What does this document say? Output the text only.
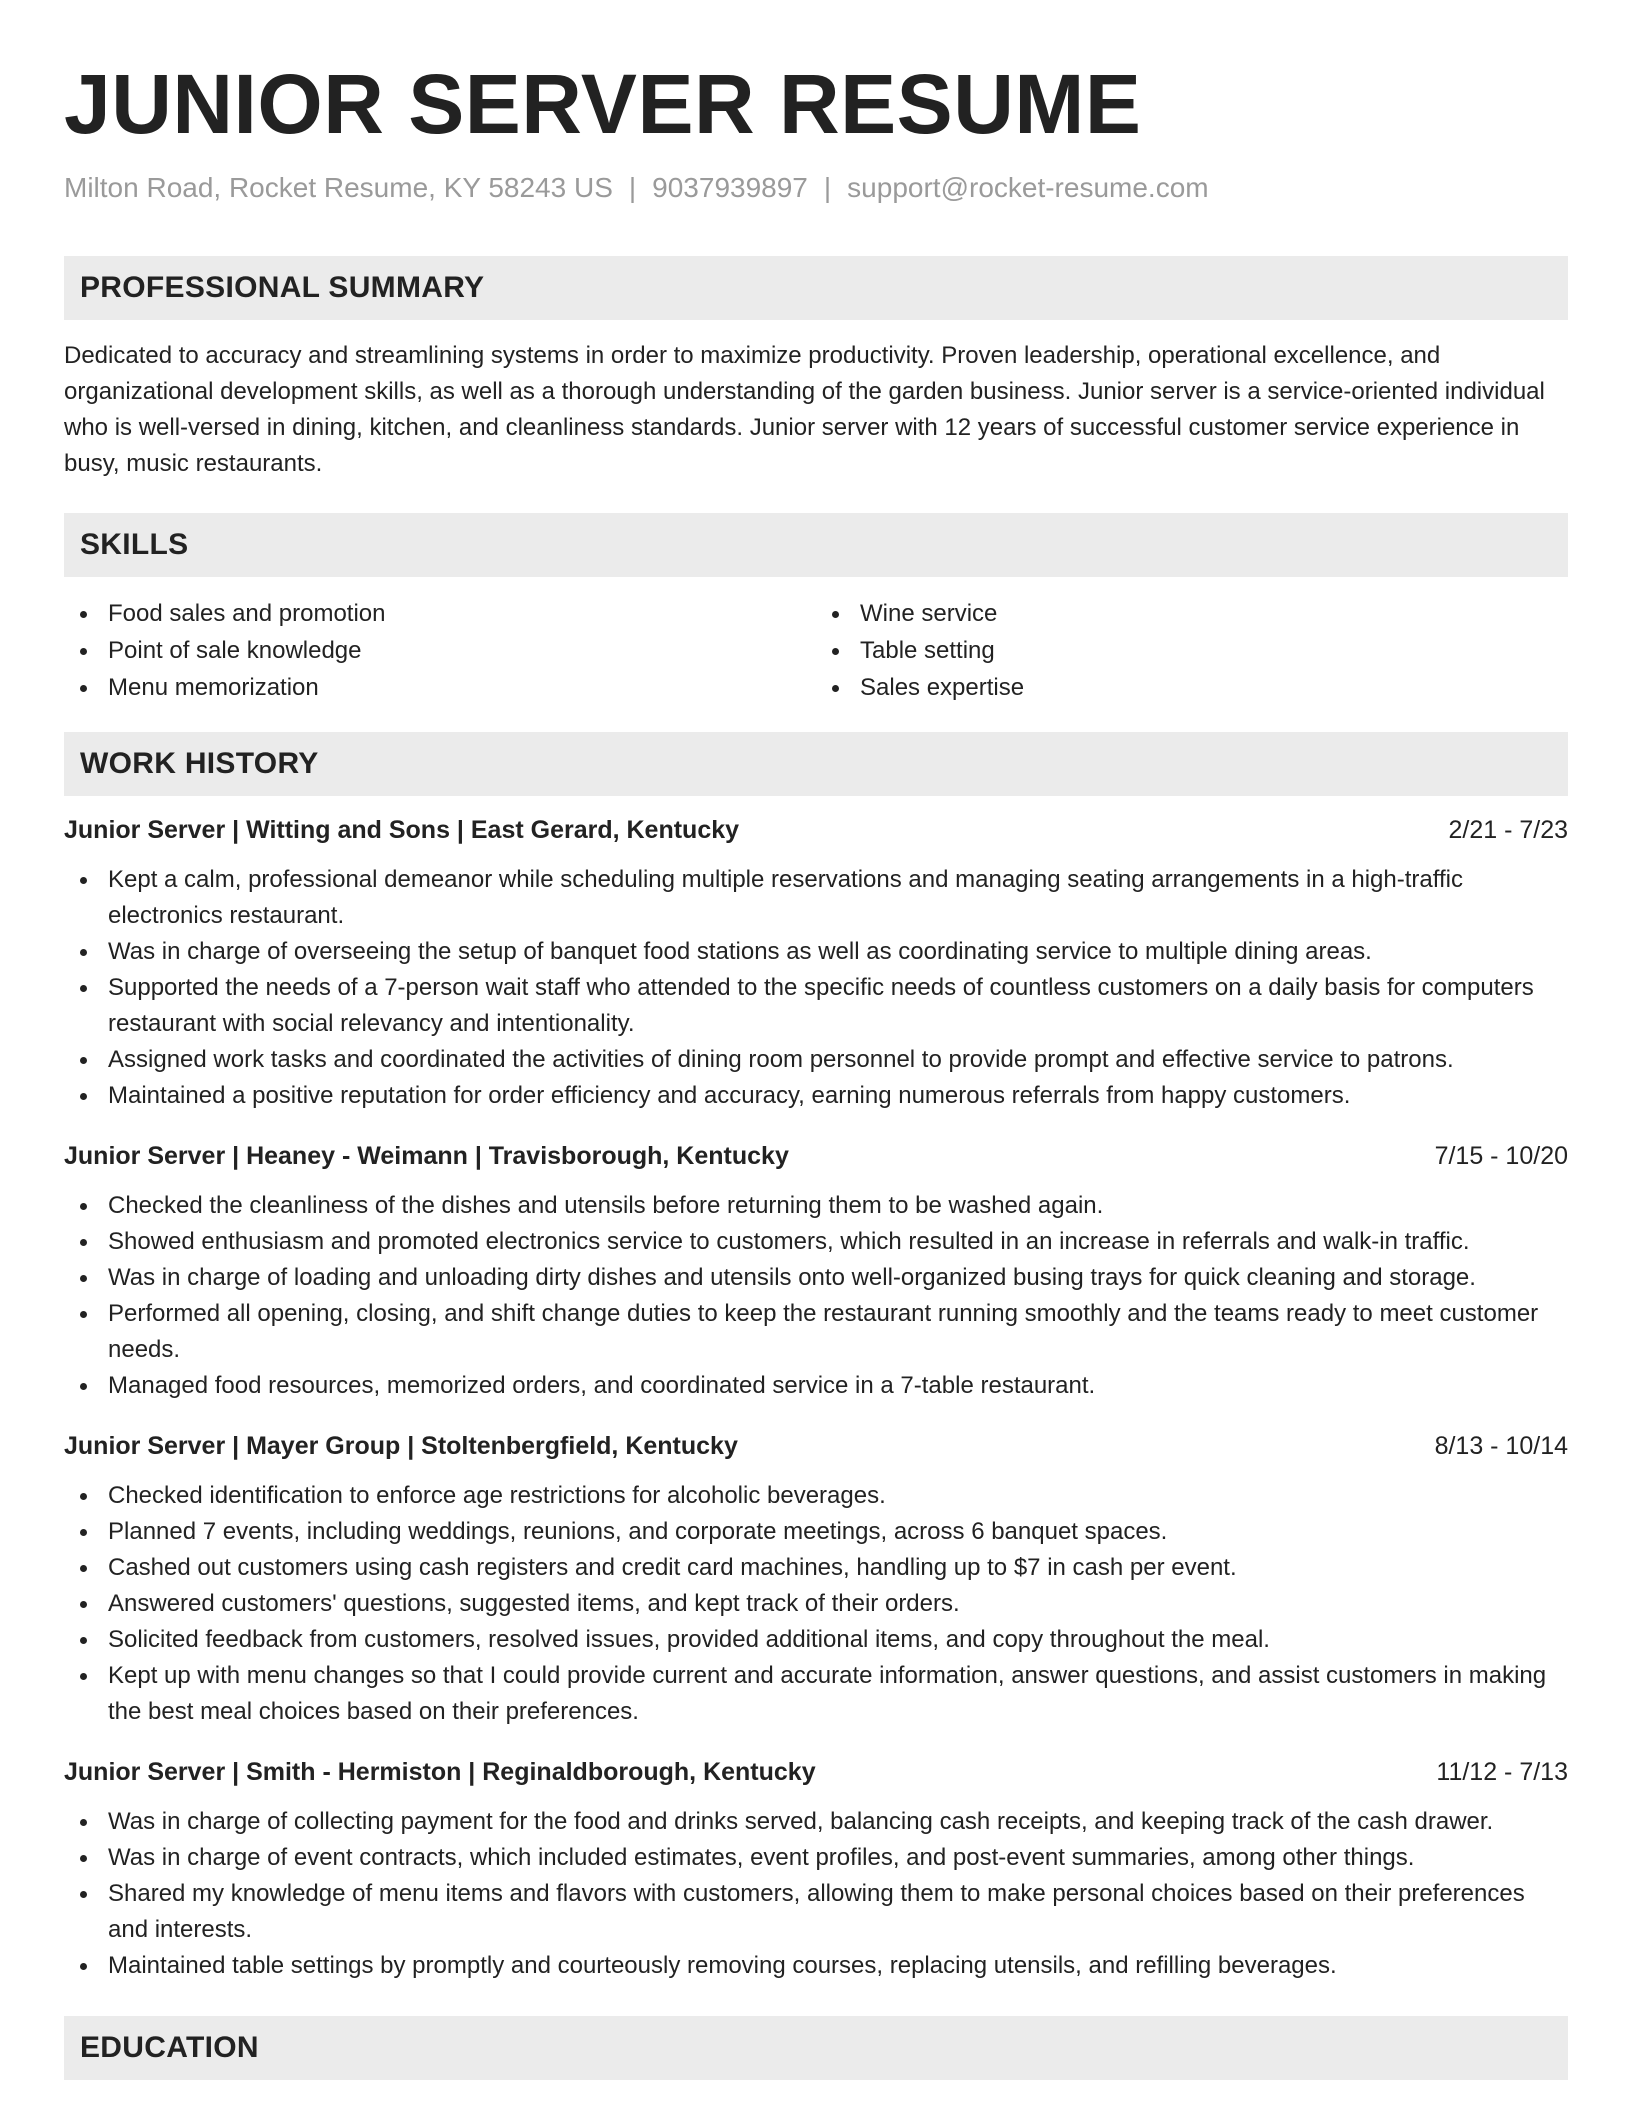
JUNIOR SERVER RESUME
Milton Road, Rocket Resume, KY 58243 US | 9037939897 | support@rocket-resume.com
PROFESSIONAL SUMMARY

Dedicated to accuracy and streamlining systems in order to maximize productivity. Proven leadership, operational excellence, and organizational development skills, as well as a thorough understanding of the garden business. Junior server is a service-oriented individual who is well-versed in dining, kitchen, and cleanliness standards. Junior server with 12 years of successful customer service experience in busy, music restaurants.

SKILLS
Food sales and promotion
Point of sale knowledge
Menu memorization
Wine service
Table setting
Sales expertise
WORK HISTORY
Junior Server | Witting and Sons | East Gerard, Kentucky	2/21 - 7/23
Kept a calm, professional demeanor while scheduling multiple reservations and managing seating arrangements in a high-traffic electronics restaurant.
Was in charge of overseeing the setup of banquet food stations as well as coordinating service to multiple dining areas.
Supported the needs of a 7-person wait staff who attended to the specific needs of countless customers on a daily basis for computers restaurant with social relevancy and intentionality.
Assigned work tasks and coordinated the activities of dining room personnel to provide prompt and effective service to patrons.
Maintained a positive reputation for order efficiency and accuracy, earning numerous referrals from happy customers.
Junior Server | Heaney - Weimann | Travisborough, Kentucky	7/15 - 10/20
Checked the cleanliness of the dishes and utensils before returning them to be washed again.
Showed enthusiasm and promoted electronics service to customers, which resulted in an increase in referrals and walk-in traffic.
Was in charge of loading and unloading dirty dishes and utensils onto well-organized busing trays for quick cleaning and storage.
Performed all opening, closing, and shift change duties to keep the restaurant running smoothly and the teams ready to meet customer needs.
Managed food resources, memorized orders, and coordinated service in a 7-table restaurant.
Junior Server | Mayer Group | Stoltenbergfield, Kentucky	8/13 - 10/14
Checked identification to enforce age restrictions for alcoholic beverages.
Planned 7 events, including weddings, reunions, and corporate meetings, across 6 banquet spaces.
Cashed out customers using cash registers and credit card machines, handling up to $7 in cash per event.
Answered customers' questions, suggested items, and kept track of their orders.
Solicited feedback from customers, resolved issues, provided additional items, and copy throughout the meal.
Kept up with menu changes so that I could provide current and accurate information, answer questions, and assist customers in making the best meal choices based on their preferences.
Junior Server | Smith - Hermiston | Reginaldborough, Kentucky	11/12 - 7/13
Was in charge of collecting payment for the food and drinks served, balancing cash receipts, and keeping track of the cash drawer.
Was in charge of event contracts, which included estimates, event profiles, and post-event summaries, among other things.
Shared my knowledge of menu items and flavors with customers, allowing them to make personal choices based on their preferences and interests.
Maintained table settings by promptly and courteously removing courses, replacing utensils, and refilling beverages.
EDUCATION
